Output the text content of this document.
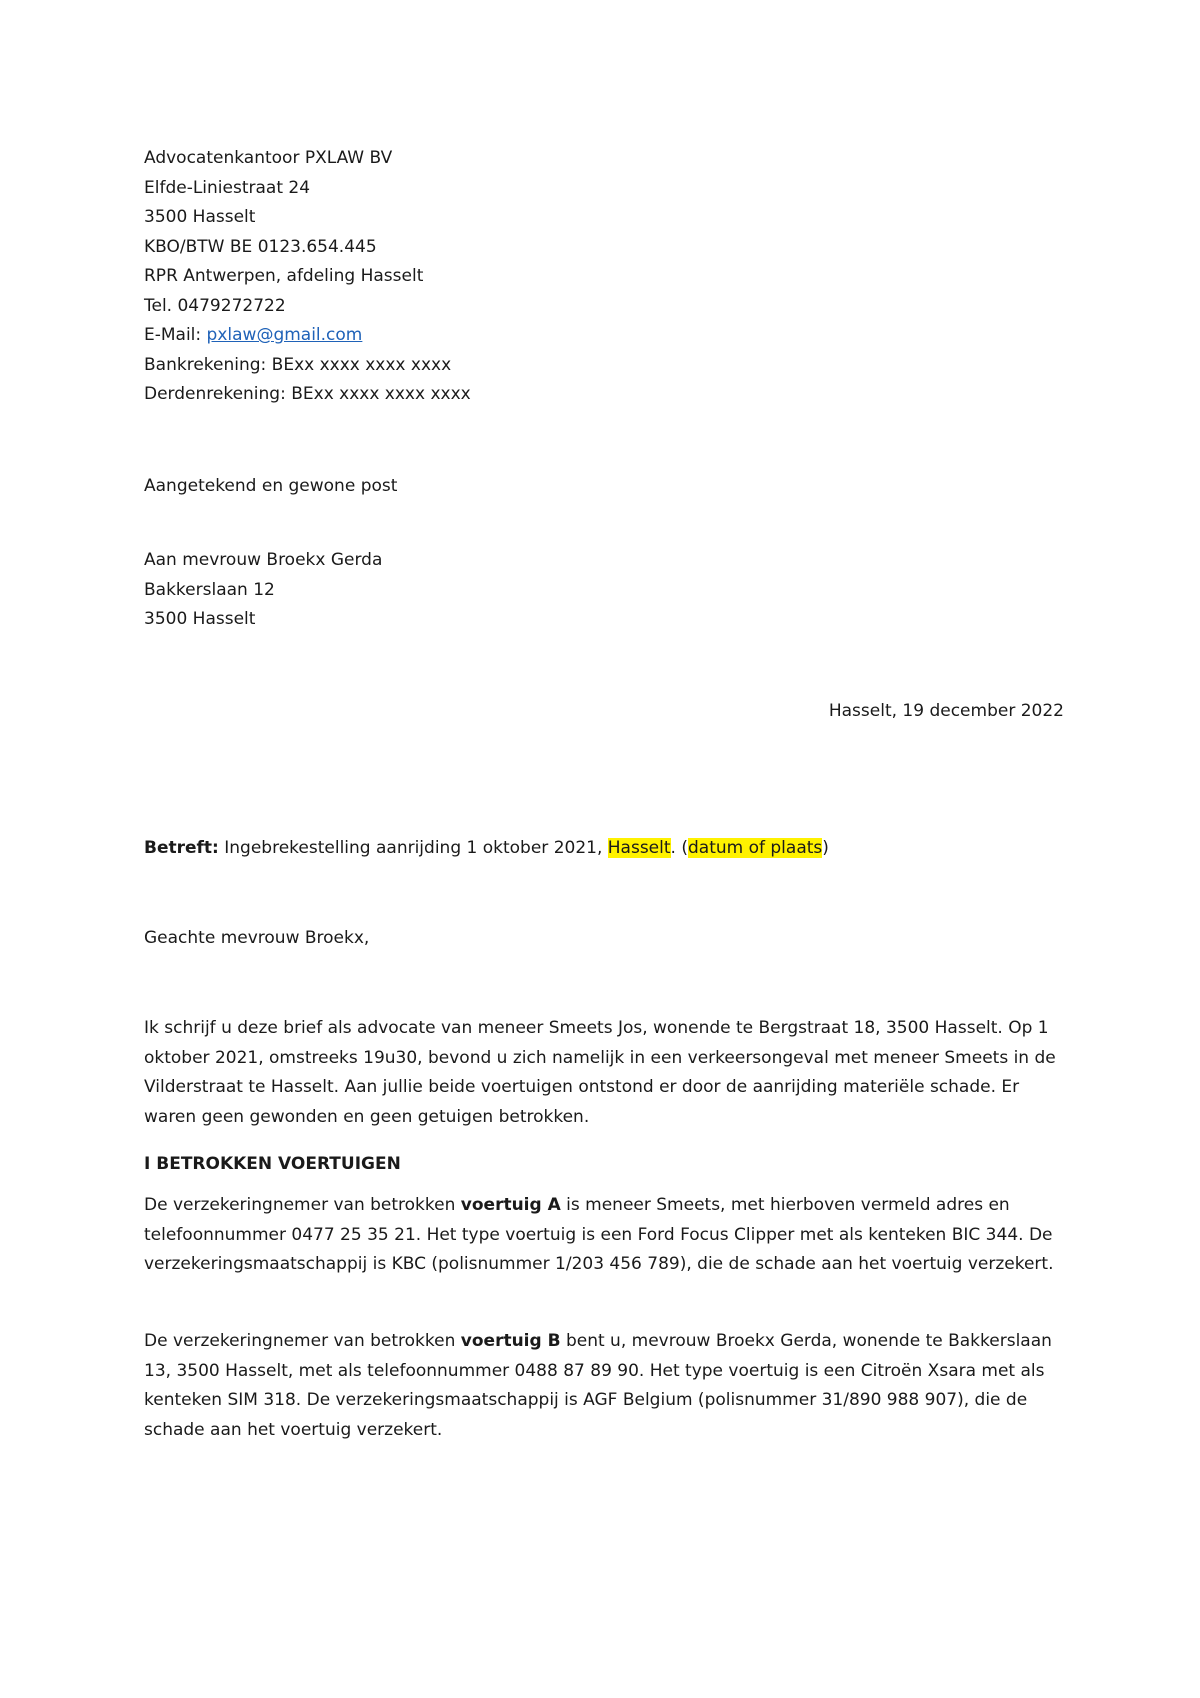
Advocatenkantoor PXLAW BV
Elfde-Liniestraat 24
3500 Hasselt
KBO/BTW BE 0123.654.445
RPR Antwerpen, afdeling Hasselt
Tel. 0479272722
E-Mail: pxlaw@gmail.com
Bankrekening: BExx xxxx xxxx xxxx
Derdenrekening: BExx xxxx xxxx xxxx
Aangetekend en gewone post
Aan mevrouw Broekx Gerda
Bakkerslaan 12
3500 Hasselt
Hasselt, 19 december 2022
Betreft: Ingebrekestelling aanrijding 1 oktober 2021, Hasselt. (datum of plaats)
Geachte mevrouw Broekx,
Ik schrijf u deze brief als advocate van meneer Smeets Jos, wonende te Bergstraat 18, 3500 Hasselt. Op 1 oktober 2021, omstreeks 19u30, bevond u zich namelijk in een verkeersongeval met meneer Smeets in de Vilderstraat te Hasselt. Aan jullie beide voertuigen ontstond er door de aanrijding materiële schade. Er waren geen gewonden en geen getuigen betrokken.
I BETROKKEN VOERTUIGEN
De verzekeringnemer van betrokken voertuig A is meneer Smeets, met hierboven vermeld adres en telefoonnummer 0477 25 35 21. Het type voertuig is een Ford Focus Clipper met als kenteken BIC 344. De verzekeringsmaatschappij is KBC (polisnummer 1/203 456 789), die de schade aan het voertuig verzekert.
De verzekeringnemer van betrokken voertuig B bent u, mevrouw Broekx Gerda, wonende te Bakkerslaan 13, 3500 Hasselt, met als telefoonnummer 0488 87 89 90. Het type voertuig is een Citroën Xsara met als kenteken SIM 318. De verzekeringsmaatschappij is AGF Belgium (polisnummer 31/890 988 907), die de schade aan het voertuig verzekert.
